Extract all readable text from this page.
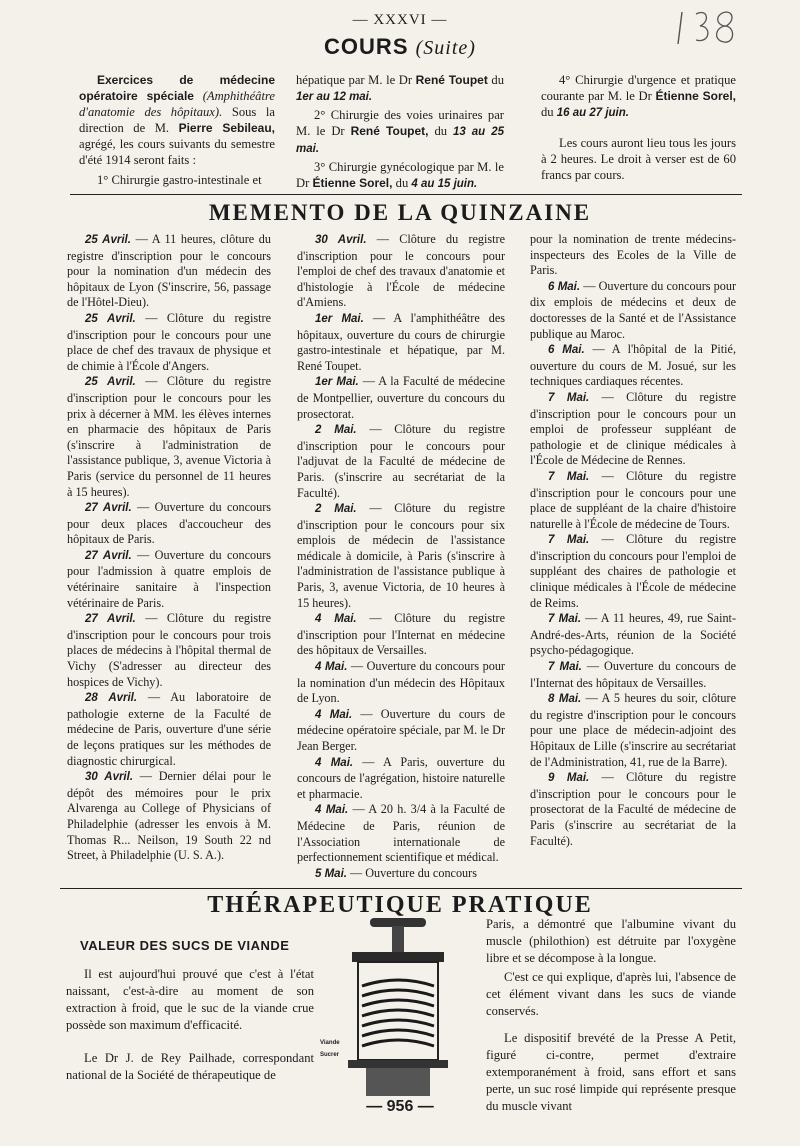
— XXXVI —
COURS (Suite)

Exercices de médecine opératoire spéciale (Amphithéâtre d'anatomie des hôpitaux). Sous la direction de M. Pierre Sebileau, agrégé, les cours suivants du semestre d'été 1914 seront faits :

1° Chirurgie gastro-intestinale et

hépatique par M. le Dr René Toupet du 1er au 12 mai.

2° Chirurgie des voies urinaires par M. le Dr René Toupet, du 13 au 25 mai.

3° Chirurgie gynécologique par M. le Dr Étienne Sorel, du 4 au 15 juin.

4° Chirurgie d'urgence et pratique courante par M. le Dr Étienne Sorel, du 16 au 27 juin.

Les cours auront lieu tous les jours à 2 heures. Le droit à verser est de 60 francs par cours.

MEMENTO DE LA QUINZAINE

25 Avril. — A 11 heures, clôture du registre d'inscription pour le concours pour la nomination d'un médecin des hôpitaux de Lyon (S'inscrire, 56, passage de l'Hôtel-Dieu).

25 Avril. — Clôture du registre d'inscription pour le concours pour une place de chef des travaux de physique et de chimie à l'École d'Angers.

25 Avril. — Clôture du registre d'inscription pour le concours pour les prix à décerner à MM. les élèves internes en pharmacie des hôpitaux de Paris (s'inscrire à l'administration de l'assistance publique, 3, avenue Victoria à Paris (service du personnel de 11 heures à 15 heures).

27 Avril. — Ouverture du concours pour deux places d'accoucheur des hôpitaux de Paris.

27 Avril. — Ouverture du concours pour l'admission à quatre emplois de vétérinaire sanitaire à l'inspection vétérinaire de Paris.

27 Avril. — Clôture du registre d'inscription pour le concours pour trois places de médecins à l'hôpital thermal de Vichy (S'adresser au directeur des hospices de Vichy).

28 Avril. — Au laboratoire de pathologie externe de la Faculté de médecine de Paris, ouverture d'une série de leçons pratiques sur les méthodes de diagnostic chirurgical.

30 Avril. — Dernier délai pour le dépôt des mémoires pour le prix Alvarenga au College of Physicians of Philadelphie (adresser les envois à M. Thomas R... Neilson, 19 South 22 nd Street, à Philadelphie (U. S. A.).

30 Avril. — Clôture du registre d'inscription pour le concours pour l'emploi de chef des travaux d'anatomie et d'histologie à l'École de médecine d'Amiens.

1er Mai. — A l'amphithéâtre des hôpitaux, ouverture du cours de chirurgie gastro-intestinale et hépatique, par M. René Toupet.

1er Mai. — A la Faculté de médecine de Montpellier, ouverture du concours du prosectorat.

2 Mai. — Clôture du registre d'inscription pour le concours pour l'adjuvat de la Faculté de médecine de Paris. (s'inscrire au secrétariat de la Faculté).

2 Mai. — Clôture du registre d'inscription pour le concours pour six emplois de médecin de l'assistance médicale à domicile, à Paris (s'inscrire à l'administration de l'assistance publique à Paris, 3, avenue Victoria, de 10 heures à 15 heures).

4 Mai. — Clôture du registre d'inscription pour l'Internat en médecine des hôpitaux de Versailles.

4 Mai. — Ouverture du concours pour la nomination d'un médecin des Hôpitaux de Lyon.

4 Mai. — Ouverture du cours de médecine opératoire spéciale, par M. le Dr Jean Berger.

4 Mai. — A Paris, ouverture du concours de l'agrégation, histoire naturelle et pharmacie.

4 Mai. — A 20 h. 3/4 à la Faculté de Médecine de Paris, réunion de l'Association internationale de perfectionnement scientifique et médical.

5 Mai. — Ouverture du concours

pour la nomination de trente médecins-inspecteurs des Ecoles de la Ville de Paris.

6 Mai. — Ouverture du concours pour dix emplois de médecins et deux de doctoresses de la Santé et de l'Assistance publique au Maroc.

6 Mai. — A l'hôpital de la Pitié, ouverture du cours de M. Josué, sur les techniques cardiaques récentes.

7 Mai. — Clôture du registre d'inscription pour le concours pour un emploi de professeur suppléant de pathologie et de clinique médicales à l'École de Médecine de Rennes.

7 Mai. — Clôture du registre d'inscription pour le concours pour une place de suppléant de la chaire d'histoire naturelle à l'École de médecine de Tours.

7 Mai. — Clôture du registre d'inscription du concours pour l'emploi de suppléant des chaires de pathologie et clinique médicales à l'École de médecine de Reims.

7 Mai. — A 11 heures, 49, rue Saint-André-des-Arts, réunion de la Société psycho-pédagogique.

7 Mai. — Ouverture du concours de l'Internat des hôpitaux de Versailles.

8 Mai. — A 5 heures du soir, clôture du registre d'inscription pour le concours pour une place de médecin-adjoint des Hôpitaux de Lille (s'inscrire au secrétariat de l'Administration, 41, rue de la Barre).

9 Mai. — Clôture du registre d'inscription pour le concours pour le prosectorat de la Faculté de médecine de Paris (s'inscrire au secrétariat de la Faculté).

THÉRAPEUTIQUE PRATIQUE
VALEUR DES SUCS DE VIANDE

Il est aujourd'hui prouvé que c'est à l'état naissant, c'est-à-dire au moment de son extraction à froid, que le suc de la viande crue possède son maximum d'efficacité.

Le Dr J. de Rey Pailhade, correspondant national de la Société de thérapeutique de

Viande
Sucrer

Paris, a démontré que l'albumine vivant du muscle (philothion) est détruite par l'oxygène libre et se décompose à la longue.

C'est ce qui explique, d'après lui, l'absence de cet élément vivant dans les sucs de viande conservés.

Le dispositif brevété de la Presse A Petit, figuré ci-contre, permet d'extraire extemporanément à froid, sans effort et sans perte, un suc rosé limpide qui représente presque du muscle vivant

— 956 —
